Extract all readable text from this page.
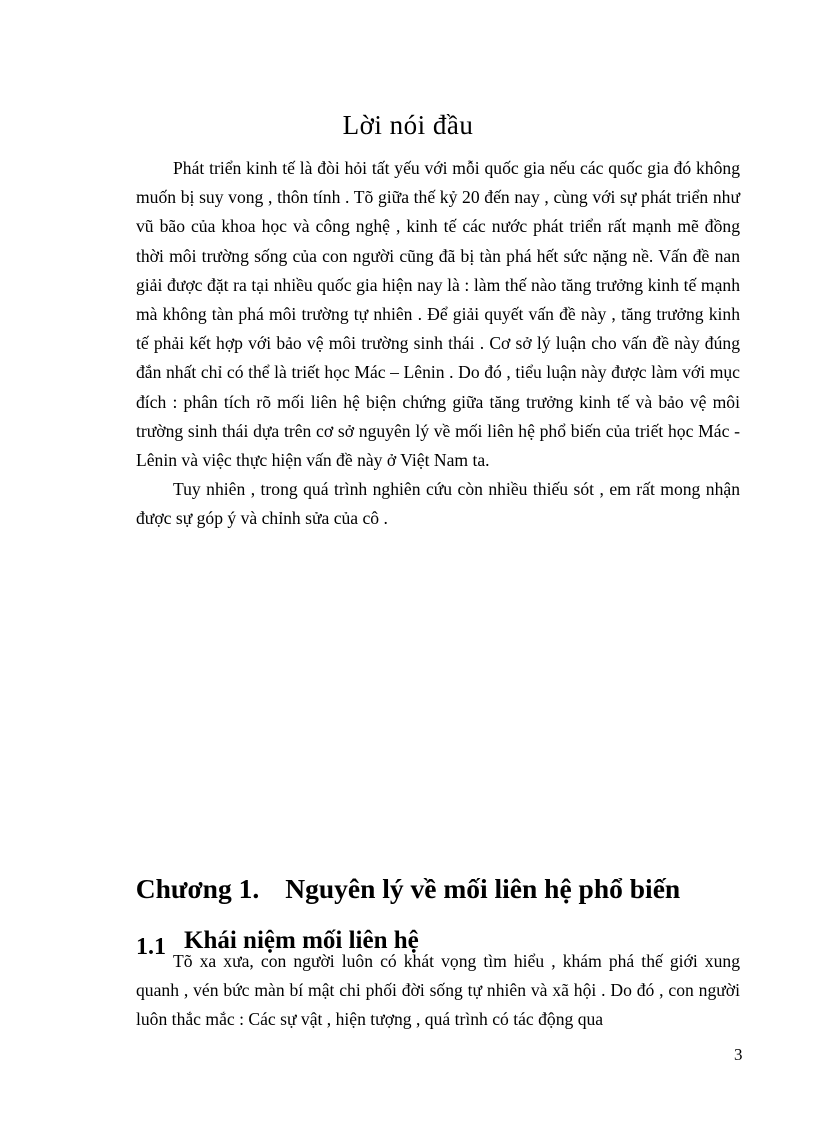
Lời nói đầu

Phát triển kinh tế là đòi hỏi tất yếu với mỗi quốc gia nếu các quốc gia đó không muốn bị suy vong , thôn tính . Tõ giữa thế kỷ 20 đến nay , cùng với sự phát triển như vũ bão của khoa học và công nghệ , kinh tế các nước phát triển rất mạnh mẽ đồng thời môi trường sống của con người cũng đã bị tàn phá hết sức nặng nề. Vấn đề nan giải được đặt ra tại nhiều quốc gia hiện nay là : làm thế nào tăng trưởng kinh tế mạnh mà không tàn phá môi trường tự nhiên . Để giải quyết vấn đề này , tăng trưởng kinh tế phải kết hợp với bảo vệ môi trường sinh thái . Cơ sở lý luận cho vấn đề này đúng đắn nhất chỉ có thể là triết học Mác – Lênin . Do đó , tiểu luận này được làm với mục đích : phân tích rõ mối liên hệ biện chứng giữa tăng trưởng kinh tế và bảo vệ môi trường sinh thái dựa trên cơ sở nguyên lý về mối liên hệ phổ biến của triết học Mác - Lênin và việc thực hiện vấn đề này ở Việt Nam ta.

Tuy nhiên , trong quá trình nghiên cứu còn nhiều thiếu sót , em rất mong nhận được sự góp ý và chỉnh sửa của cô .

Chương 1. Nguyên lý về mối liên hệ phổ biến
1.1 Khái niệm mối liên hệ

Tõ xa xưa, con người luôn có khát vọng tìm hiểu , khám phá thế giới xung quanh , vén bức màn bí mật chi phối đời sống tự nhiên và xã hội . Do đó , con người luôn thắc mắc : Các sự vật , hiện tượng , quá trình có tác động qua

3
